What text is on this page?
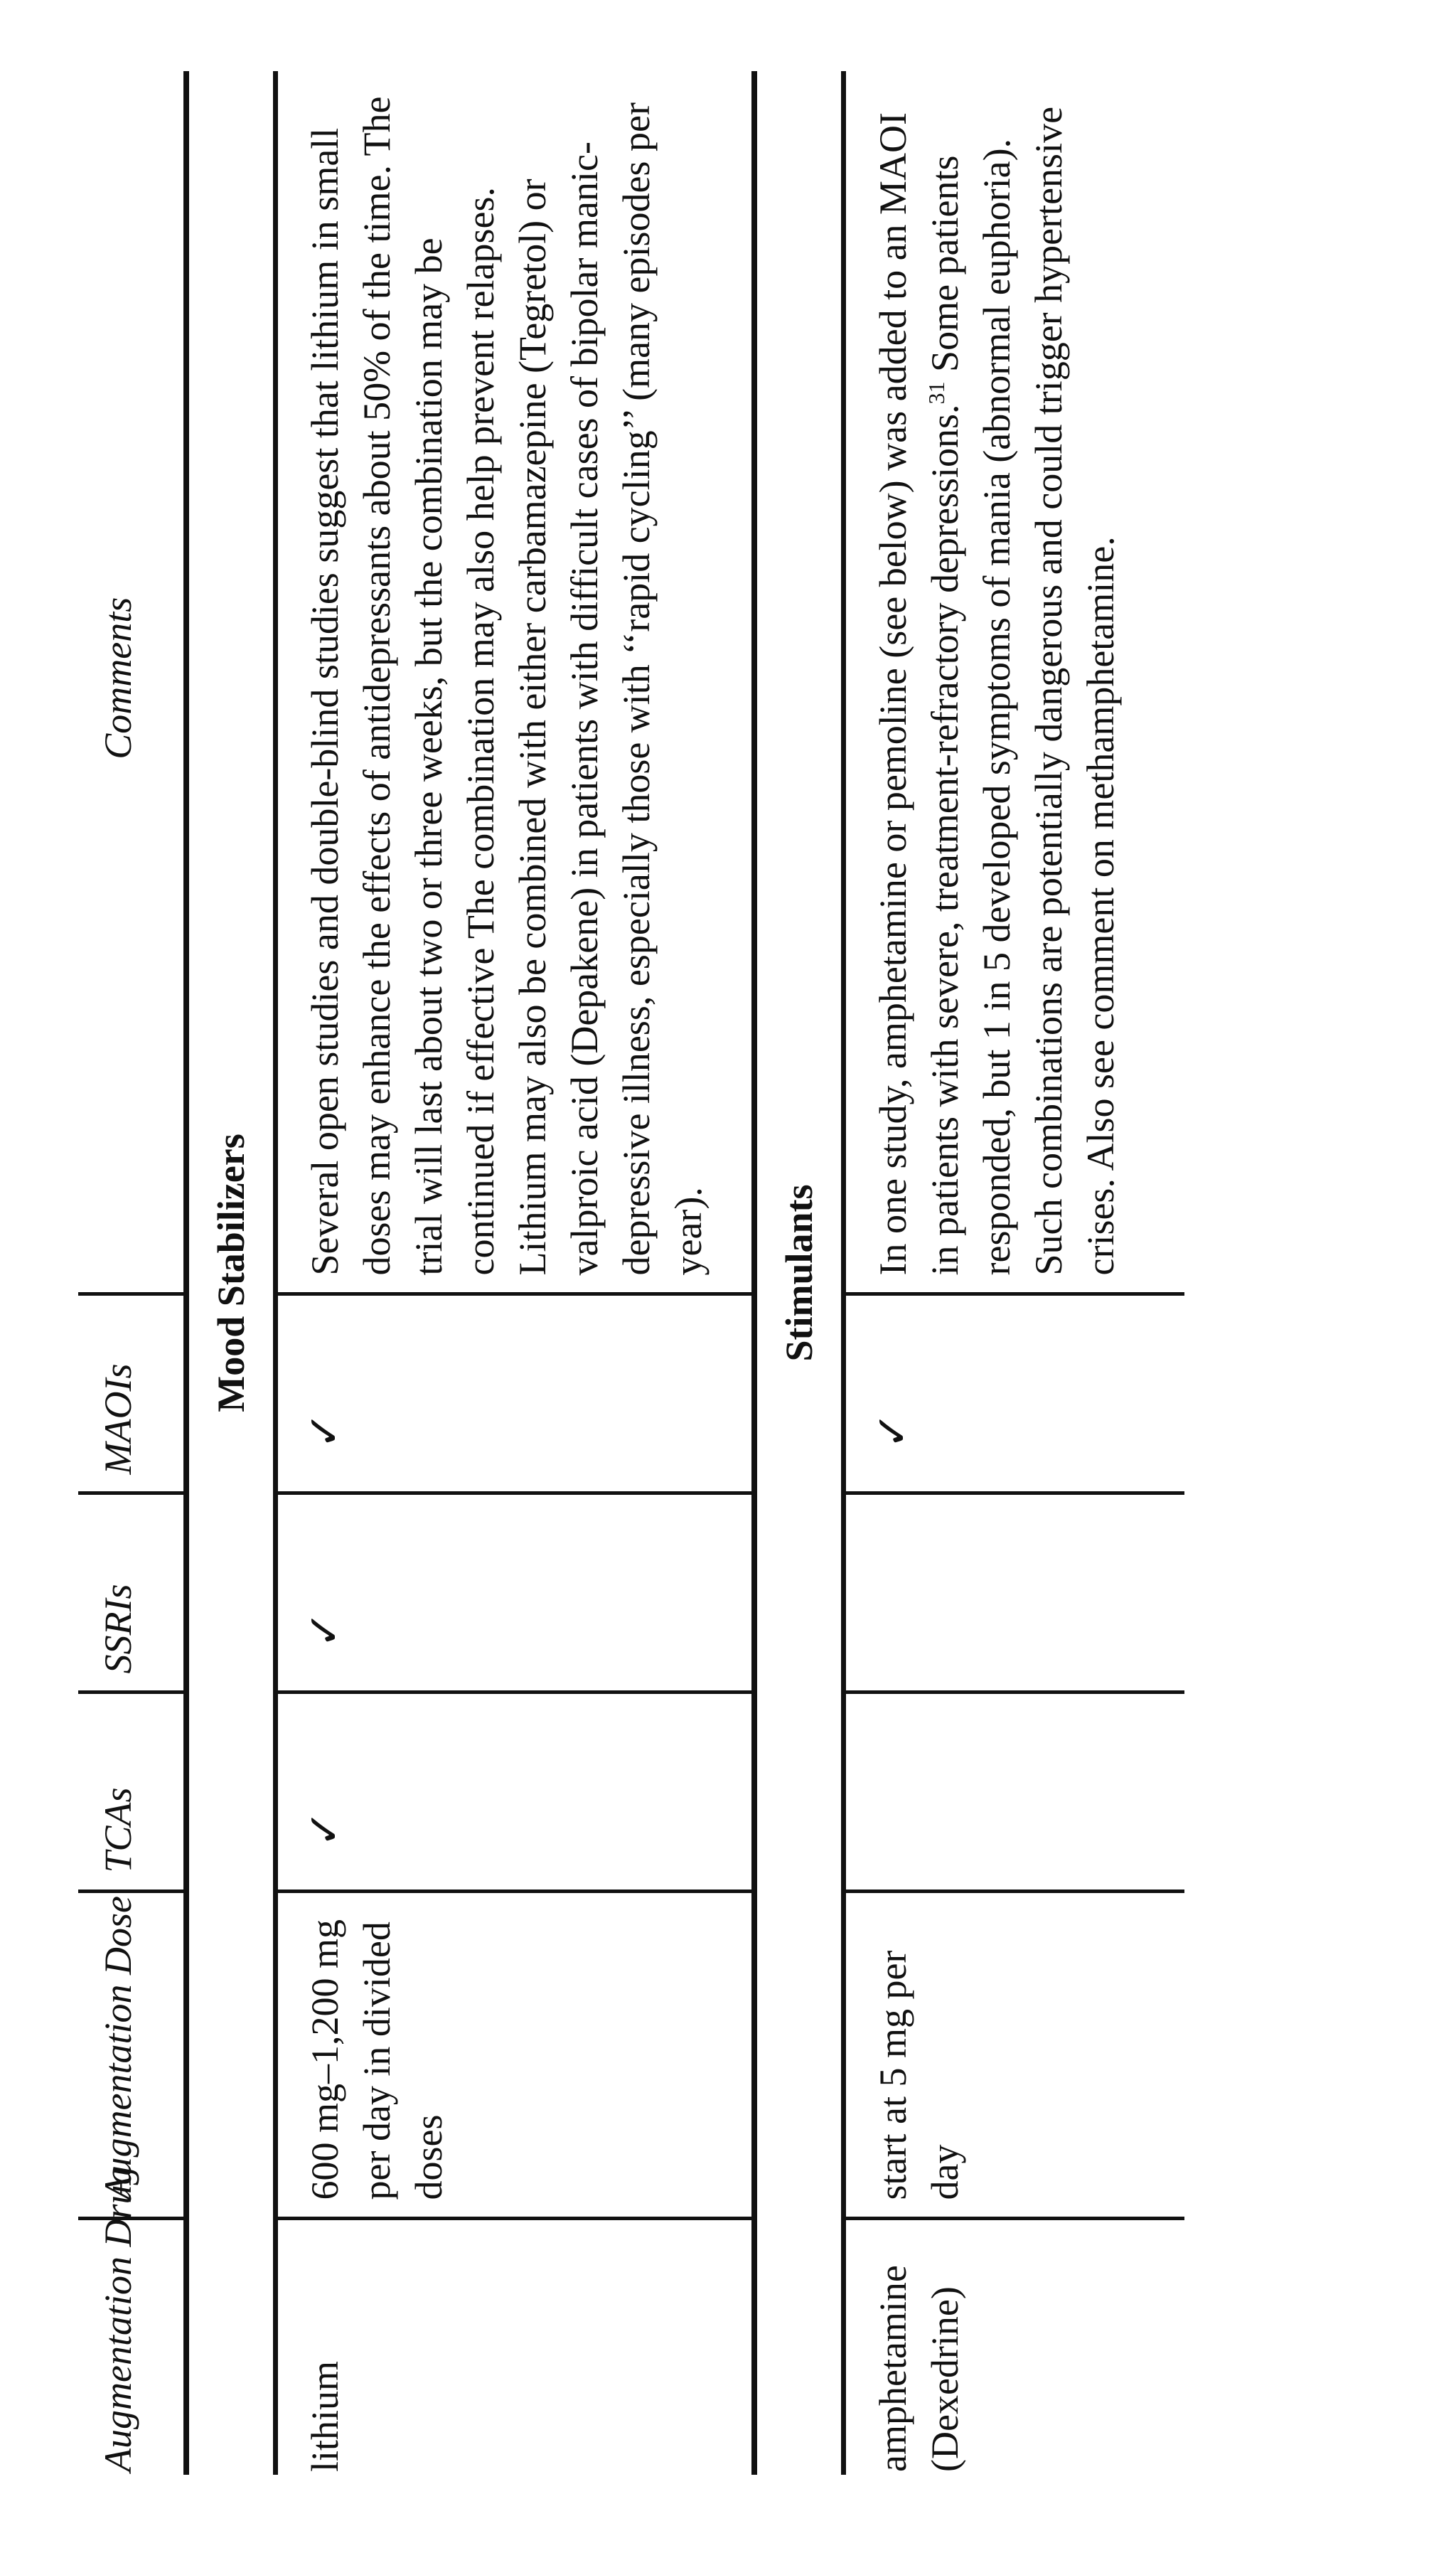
Augmentation Drug	Augmentation Dose	TCAs	SSRIs	MAOIs	Comments
Mood Stabilizers					
lithium	600 mg–1,200 mg per day in divided doses	✓	✓	✓	Several open studies and double-blind studies suggest that lithium in small doses may enhance the effects of antidepressants about 50% of the time. The trial will last about two or three weeks, but the combination may be continued if effective The combination may also help prevent relapses. Lithium may also be combined with either carbamazepine (Tegretol) or valproic acid (Depakene) in patients with difficult cases of bipolar manic-depressive illness, especially those with ‘‘rapid cycling’’ (many episodes per year).
Stimulants					
amphetamine (Dexedrine)	start at 5 mg per day			✓	In one study, amphetamine or pemoline (see below) was added to an MAOI in patients with severe, treatment-refractory depressions.$^{31}$ Some patients responded, but 1 in 5 developed symptoms of mania (abnormal euphoria). Such combinations are potentially dangerous and could trigger hypertensive crises. Also see comment on methamphetamine.
